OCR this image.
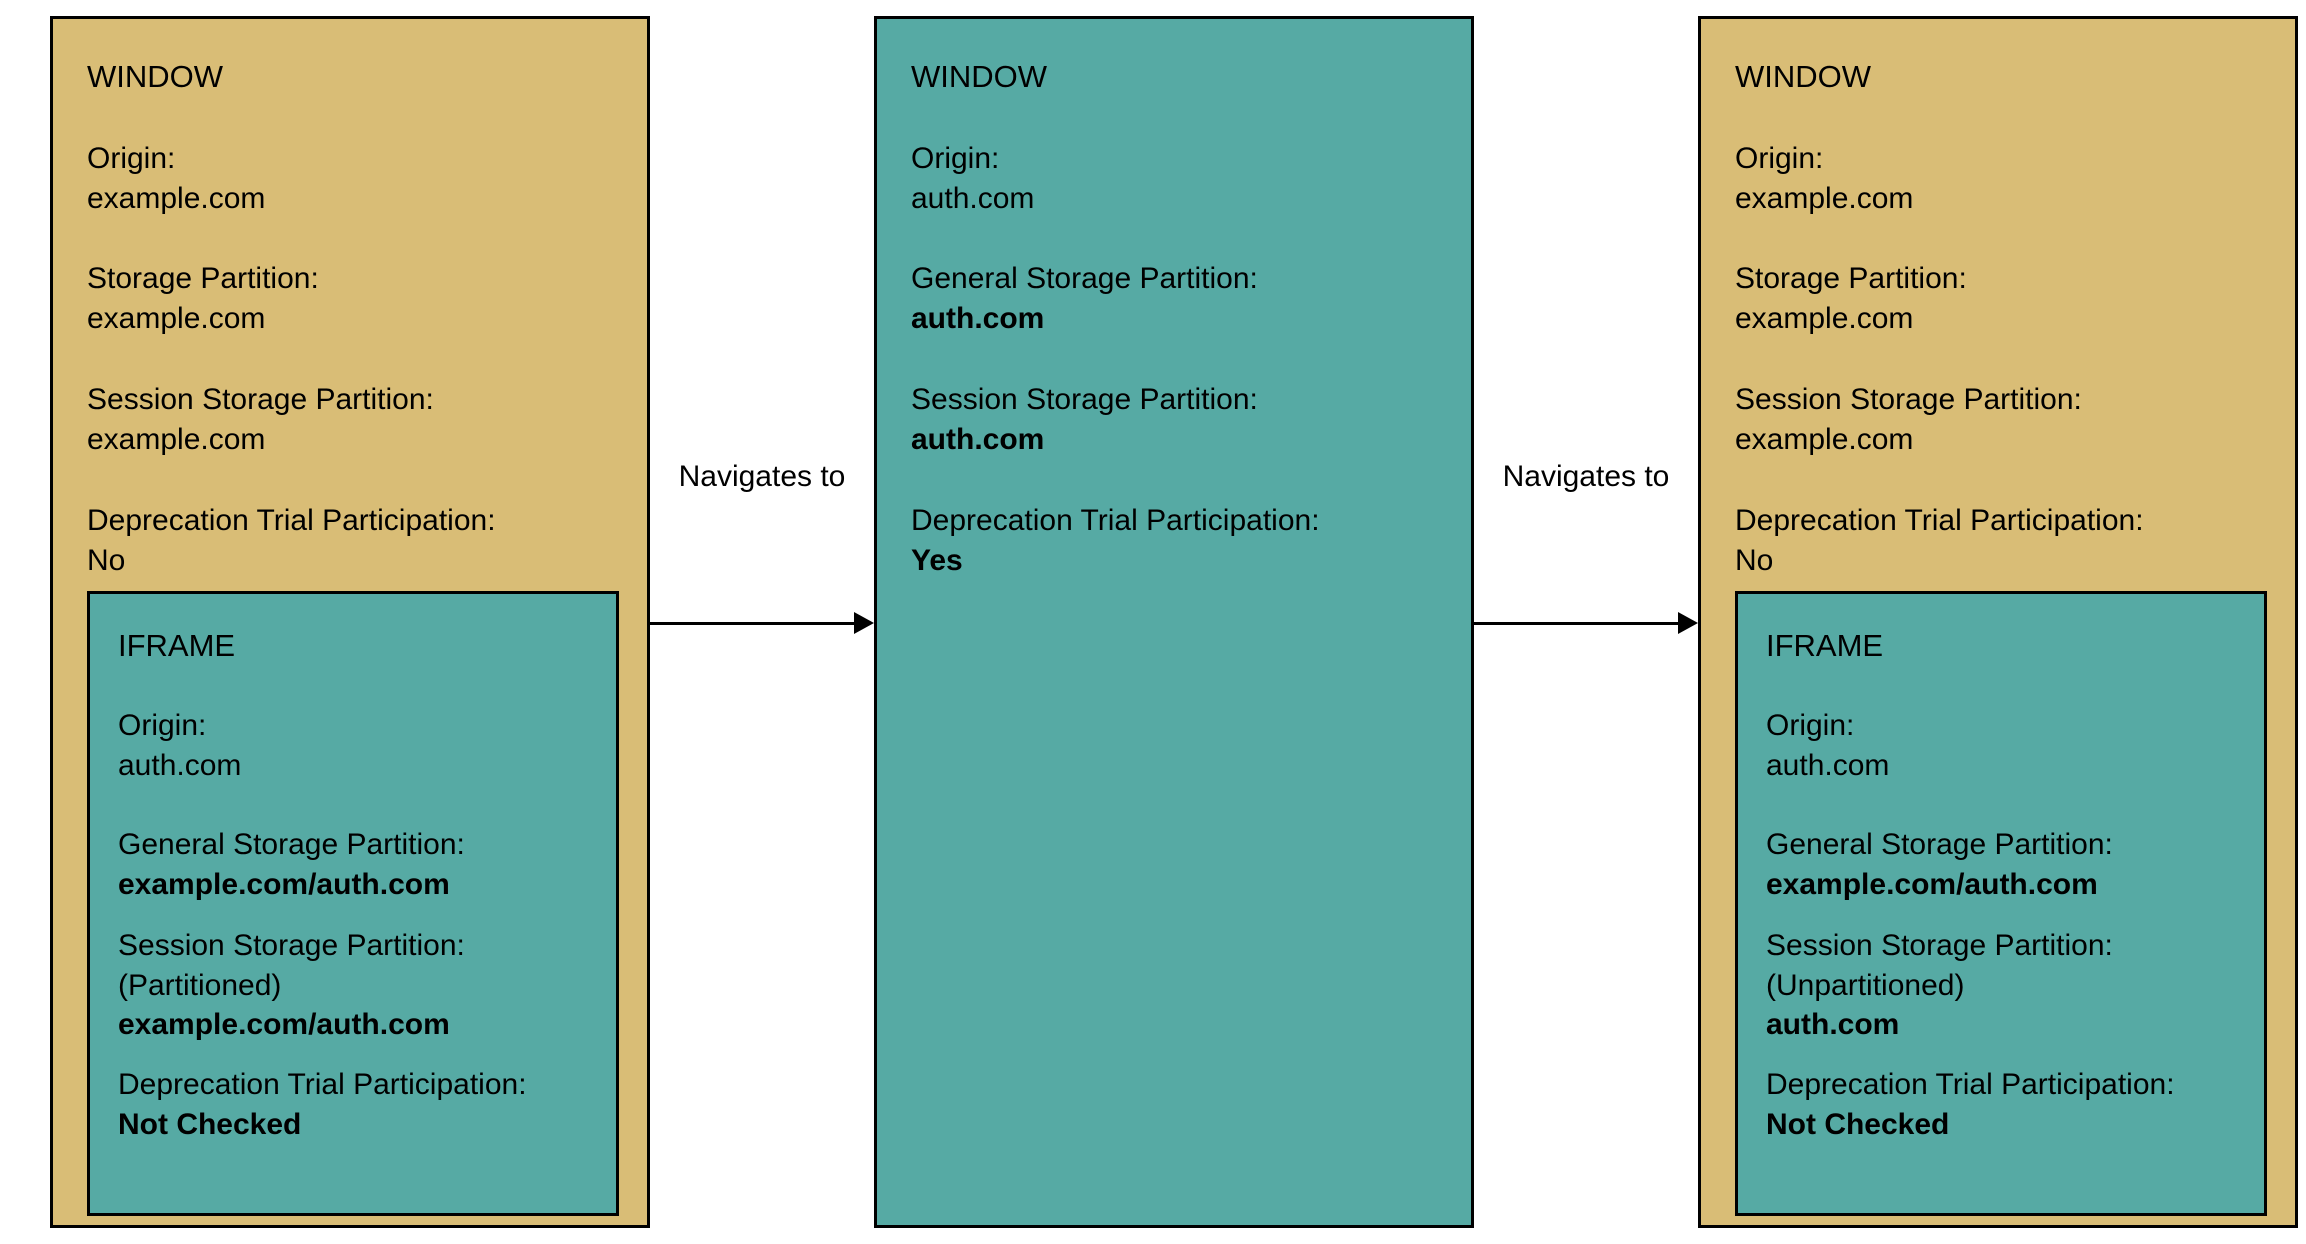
WINDOW
Origin:
example.com
Storage Partition:
example.com
Session Storage Partition:
example.com
Deprecation Trial Participation:
No
IFRAME
Origin:
auth.com
General Storage Partition:
example.com/auth.com
Session Storage Partition:
(Partitioned)
example.com/auth.com
Deprecation Trial Participation:
Not Checked
Navigates to
WINDOW
Origin:
auth.com
General Storage Partition:
auth.com
Session Storage Partition:
auth.com
Deprecation Trial Participation:
Yes
Navigates to
WINDOW
Origin:
example.com
Storage Partition:
example.com
Session Storage Partition:
example.com
Deprecation Trial Participation:
No
IFRAME
Origin:
auth.com
General Storage Partition:
example.com/auth.com
Session Storage Partition:
(Unpartitioned)
auth.com
Deprecation Trial Participation:
Not Checked
